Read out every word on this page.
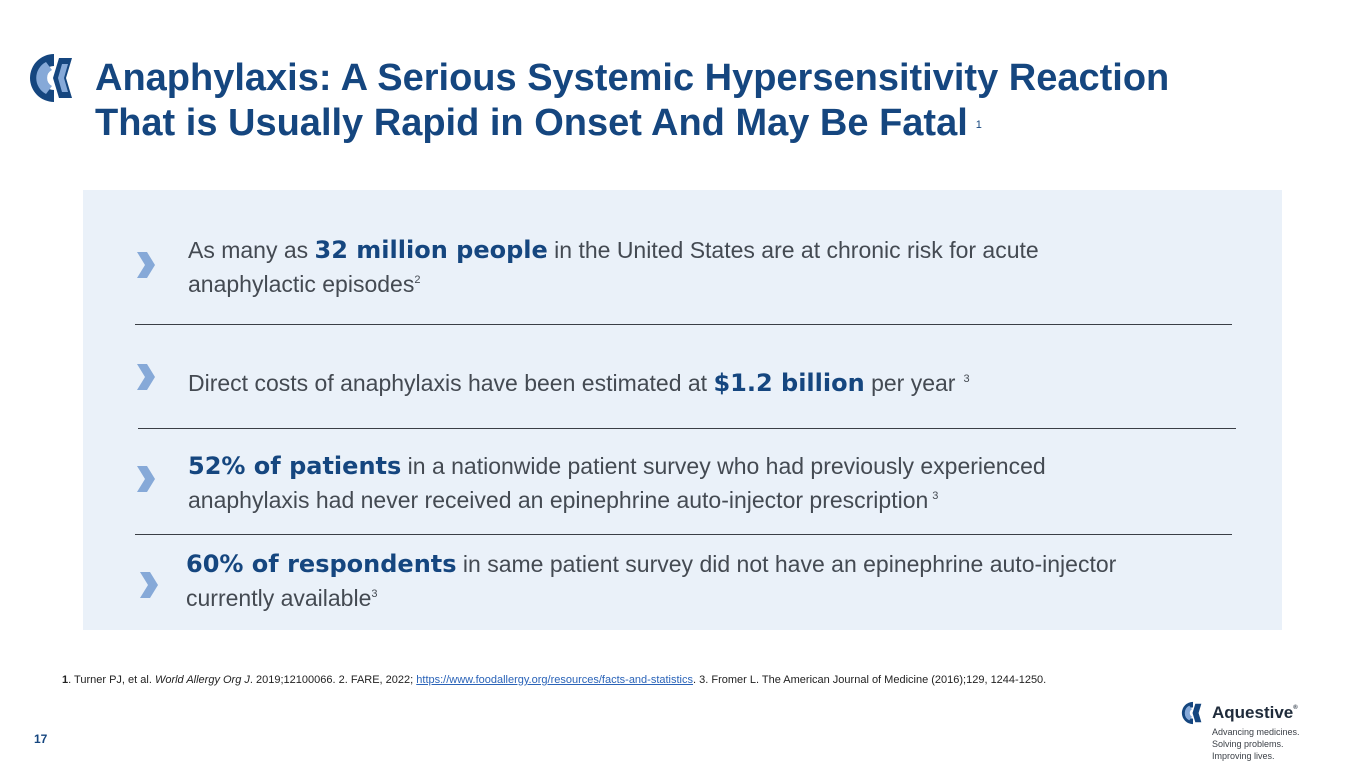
Anaphylaxis: A Serious Systemic Hypersensitivity Reaction
That is Usually Rapid in Onset And May Be Fatal $^1$
As many as 32 million people in the United States are at chronic risk for acute
anaphylactic episodes$^2$
Direct costs of anaphylaxis have been estimated at $1.2 billion per year $^3$
52% of patients in a nationwide patient survey who had previously experienced
anaphylaxis had never received an epinephrine auto-injector prescription $^3$
60% of respondents in same patient survey did not have an epinephrine auto-injector
currently available$^3$
1. Turner PJ, et al. World Allergy Org J. 2019;12100066. 2. FARE, 2022; https://www.foodallergy.org/resources/facts-and-statistics. 3. Fromer L. The American Journal of Medicine (2016);129, 1244-1250.
17
Aquestive®
Advancing medicines.
Solving problems.
Improving lives.
